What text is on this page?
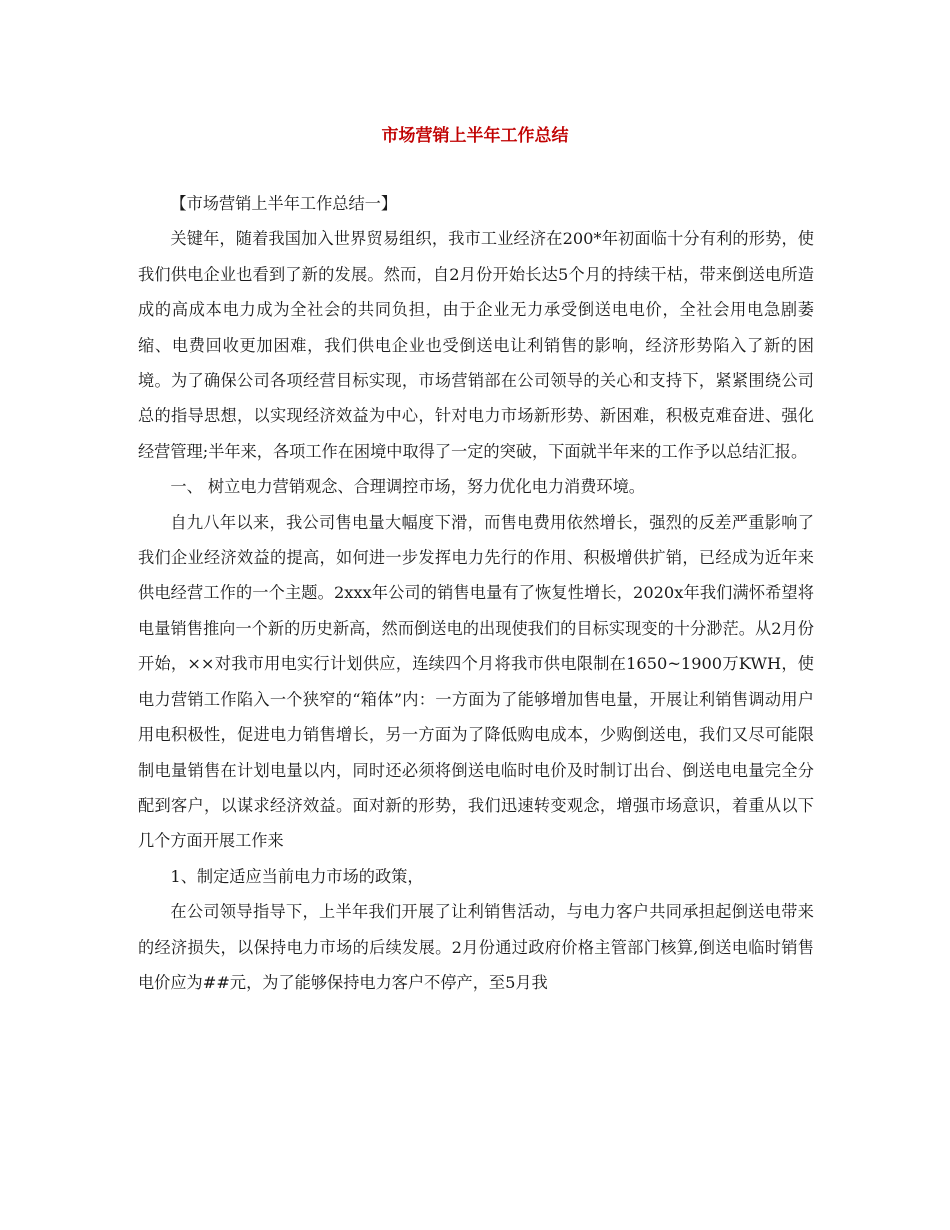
市场营销上半年工作总结

【市场营销上半年工作总结一】

关键年，随着我国加入世界贸易组织，我市工业经济在200*年初面临十分有利的形势，使我们供电企业也看到了新的发展。然而，自2月份开始长达5个月的持续干枯，带来倒送电所造成的高成本电力成为全社会的共同负担，由于企业无力承受倒送电电价，全社会用电急剧萎缩、电费回收更加困难，我们供电企业也受倒送电让利销售的影响，经济形势陷入了新的困境。为了确保公司各项经营目标实现，市场营销部在公司领导的关心和支持下，紧紧围绕公司总的指导思想，以实现经济效益为中心，针对电力市场新形势、新困难，积极克难奋进、强化经营管理;半年来，各项工作在困境中取得了一定的突破，下面就半年来的工作予以总结汇报。

一、 树立电力营销观念、合理调控市场，努力优化电力消费环境。

自九八年以来，我公司售电量大幅度下滑，而售电费用依然增长，强烈的反差严重影响了我们企业经济效益的提高，如何进一步发挥电力先行的作用、积极增供扩销，已经成为近年来供电经营工作的一个主题。2xxx年公司的销售电量有了恢复性增长，2020x年我们满怀希望将电量销售推向一个新的历史新高，然而倒送电的出现使我们的目标实现变的十分渺茫。从2月份开始，××对我市用电实行计划供应，连续四个月将我市供电限制在1650~1900万KWH，使电力营销工作陷入一个狭窄的“箱体”内：一方面为了能够增加售电量，开展让利销售调动用户用电积极性，促进电力销售增长，另一方面为了降低购电成本，少购倒送电，我们又尽可能限制电量销售在计划电量以内，同时还必须将倒送电临时电价及时制订出台、倒送电电量完全分配到客户，以谋求经济效益。面对新的形势，我们迅速转变观念，增强市场意识，着重从以下几个方面开展工作来

1、制定适应当前电力市场的政策，

在公司领导指导下，上半年我们开展了让利销售活动，与电力客户共同承担起倒送电带来的经济损失，以保持电力市场的后续发展。2月份通过政府价格主管部门核算,倒送电临时销售电价应为##元，为了能够保持电力客户不停产，至5月我
